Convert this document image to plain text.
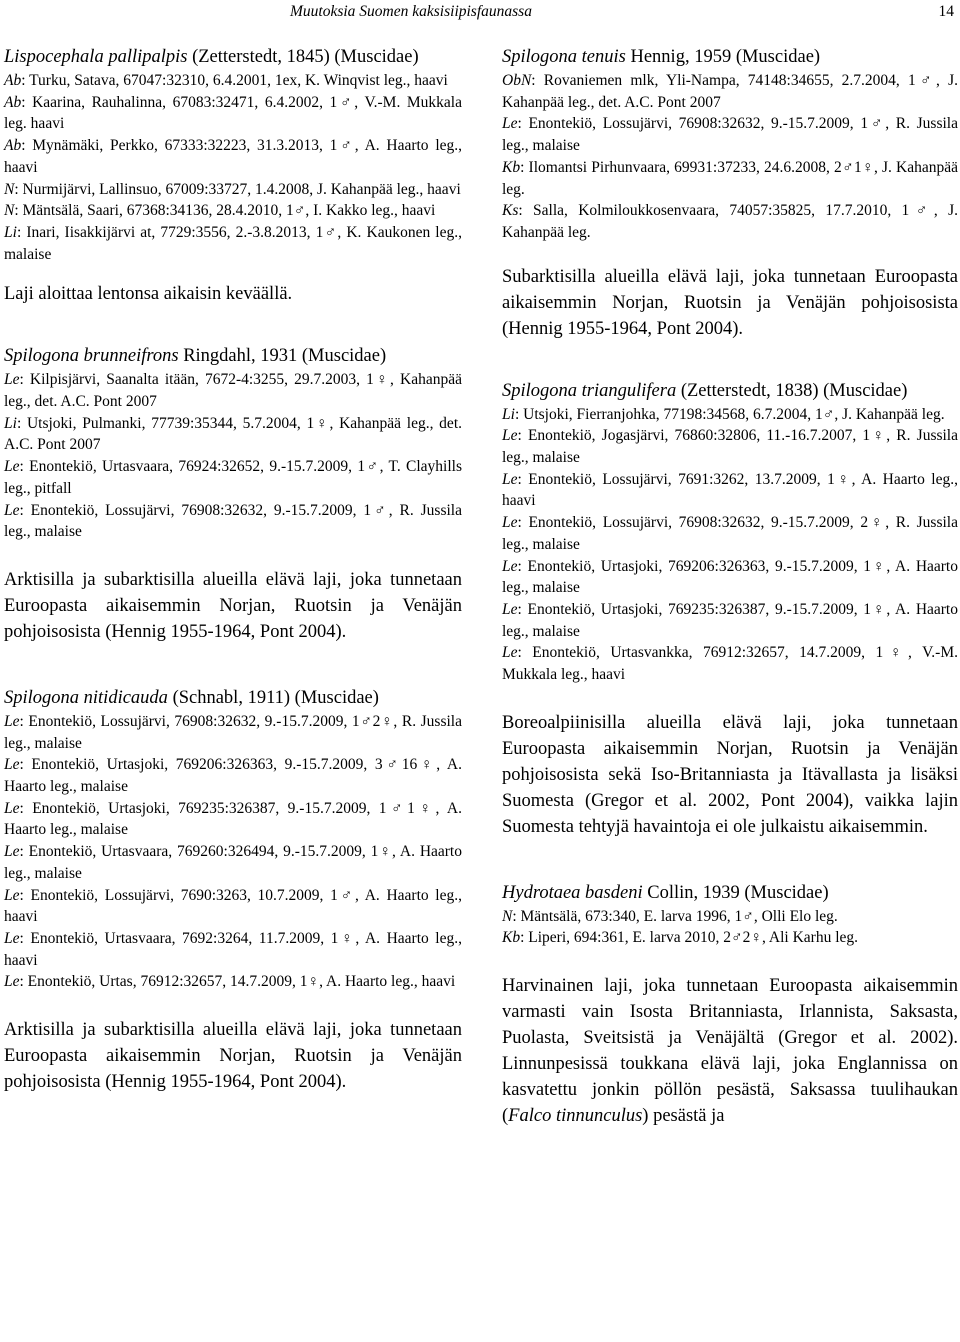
Muutoksia Suomen kaksisiipisfaunassa	14

Lispocephala pallipalpis (Zetterstedt, 1845) (Muscidae)

Ab: Turku, Satava, 67047:32310, 6.4.2001, 1ex, K. Winqvist leg., haavi

Ab: Kaarina, Rauhalinna, 67083:32471, 6.4.2002, 1♂, V.-M. Mukkala leg. haavi

Ab: Mynämäki, Perkko, 67333:32223, 31.3.2013, 1♂, A. Haarto leg., haavi

N: Nurmijärvi, Lallinsuo, 67009:33727, 1.4.2008, J. Kahanpää leg., haavi

N: Mäntsälä, Saari, 67368:34136, 28.4.2010, 1♂, I. Kakko leg., haavi

Li: Inari, Iisakkijärvi at, 7729:3556, 2.-3.8.2013, 1♂, K. Kaukonen leg., malaise

Laji aloittaa lentonsa aikaisin keväällä.

Spilogona brunneifrons Ringdahl, 1931 (Muscidae)

Le: Kilpisjärvi, Saanalta itään, 7672-4:3255, 29.7.2003, 1♀, Kahanpää leg., det. A.C. Pont 2007

Li: Utsjoki, Pulmanki, 77739:35344, 5.7.2004, 1♀, Kahanpää leg., det. A.C. Pont 2007

Le: Enontekiö, Urtasvaara, 76924:32652, 9.-15.7.2009, 1♂, T. Clayhills leg., pitfall

Le: Enontekiö, Lossujärvi, 76908:32632, 9.-15.7.2009, 1♂, R. Jussila leg., malaise

Arktisilla ja subarktisilla alueilla elävä laji, joka tunnetaan Euroopasta aikaisemmin Norjan, Ruotsin ja Venäjän pohjoisosista (Hennig 1955-1964, Pont 2004).

Spilogona nitidicauda (Schnabl, 1911) (Muscidae)

Le: Enontekiö, Lossujärvi, 76908:32632, 9.-15.7.2009, 1♂2♀, R. Jussila leg., malaise

Le: Enontekiö, Urtasjoki, 769206:326363, 9.-15.7.2009, 3♂16♀, A. Haarto leg., malaise

Le: Enontekiö, Urtasjoki, 769235:326387, 9.-15.7.2009, 1♂1♀, A. Haarto leg., malaise

Le: Enontekiö, Urtasvaara, 769260:326494, 9.-15.7.2009, 1♀, A. Haarto leg., malaise

Le: Enontekiö, Lossujärvi, 7690:3263, 10.7.2009, 1♂, A. Haarto leg., haavi

Le: Enontekiö, Urtasvaara, 7692:3264, 11.7.2009, 1♀, A. Haarto leg., haavi

Le: Enontekiö, Urtas, 76912:32657, 14.7.2009, 1♀, A. Haarto leg., haavi

Arktisilla ja subarktisilla alueilla elävä laji, joka tunnetaan Euroopasta aikaisemmin Norjan, Ruotsin ja Venäjän pohjoisosista (Hennig 1955-1964, Pont 2004).

Spilogona tenuis Hennig, 1959 (Muscidae)

ObN: Rovaniemen mlk, Yli-Nampa, 74148:34655, 2.7.2004, 1♂, J. Kahanpää leg., det. A.C. Pont 2007

Le: Enontekiö, Lossujärvi, 76908:32632, 9.-15.7.2009, 1♂, R. Jussila leg., malaise

Kb: Ilomantsi Pirhunvaara, 69931:37233, 24.6.2008, 2♂1♀, J. Kahanpää leg.

Ks: Salla, Kolmiloukkosenvaara, 74057:35825, 17.7.2010, 1♂, J. Kahanpää leg.

Subarktisilla alueilla elävä laji, joka tunnetaan Euroopasta aikaisemmin Norjan, Ruotsin ja Venäjän pohjoisosista (Hennig 1955-1964, Pont 2004).

Spilogona triangulifera (Zetterstedt, 1838) (Muscidae)

Li: Utsjoki, Fierranjohka, 77198:34568, 6.7.2004, 1♂, J. Kahanpää leg.

Le: Enontekiö, Jogasjärvi, 76860:32806, 11.-16.7.2007, 1♀, R. Jussila leg., malaise

Le: Enontekiö, Lossujärvi, 7691:3262, 13.7.2009, 1♀, A. Haarto leg., haavi

Le: Enontekiö, Lossujärvi, 76908:32632, 9.-15.7.2009, 2♀, R. Jussila leg., malaise

Le: Enontekiö, Urtasjoki, 769206:326363, 9.-15.7.2009, 1♀, A. Haarto leg., malaise

Le: Enontekiö, Urtasjoki, 769235:326387, 9.-15.7.2009, 1♀, A. Haarto leg., malaise

Le: Enontekiö, Urtasvankka, 76912:32657, 14.7.2009, 1♀, V.-M. Mukkala leg., haavi

Boreoalpiinisilla alueilla elävä laji, joka tunnetaan Euroopasta aikaisemmin Norjan, Ruotsin ja Venäjän pohjoisosista sekä Iso-Britanniasta ja Itävallasta ja lisäksi Suomesta (Gregor et al. 2002, Pont 2004), vaikka lajin Suomesta tehtyjä havaintoja ei ole julkaistu aikaisemmin.

Hydrotaea basdeni Collin, 1939 (Muscidae)

N: Mäntsälä, 673:340, E. larva 1996, 1♂, Olli Elo leg.

Kb: Liperi, 694:361, E. larva 2010, 2♂2♀, Ali Karhu leg.

Harvinainen laji, joka tunnetaan Euroopasta aikaisemmin varmasti vain Isosta Britanniasta, Irlannista, Saksasta, Puolasta, Sveitsistä ja Venäjältä (Gregor et al. 2002). Linnunpesissä toukkana elävä laji, joka Englannissa on kasvatettu jonkin pöllön pesästä, Saksassa tuulihaukan (Falco tinnunculus) pesästä ja
